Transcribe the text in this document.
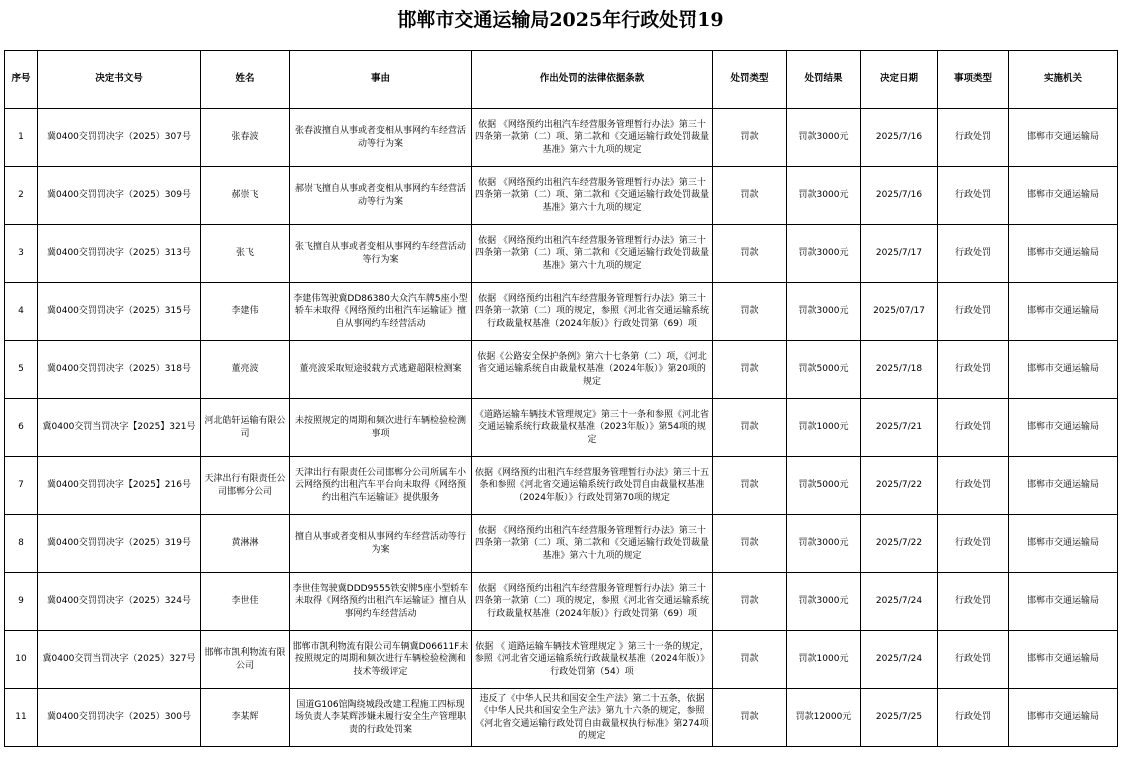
邯郸市交通运输局2025年行政处罚19
序号	决定书文号	姓名	事由	作出处罚的法律依据条款	处罚类型	处罚结果	决定日期	事项类型	实施机关
1	冀0400交罚罚决字（2025）307号	张春波	张春波擅自从事或者变相从事网约车经营活动等行为案	依据 《网络预约出租汽车经营服务管理暂行办法》第三十四条第一款第（二）项、第二款和《交通运输行政处罚裁量基准》第六十九项的规定	罚款	罚款3000元	2025/7/16	行政处罚	邯郸市交通运输局
2	冀0400交罚罚决字（2025）309号	郝崇飞	郝崇飞擅自从事或者变相从事网约车经营活动等行为案	依据 《网络预约出租汽车经营服务管理暂行办法》第三十四条第一款第（二）项、第二款和《交通运输行政处罚裁量基准》第六十九项的规定	罚款	罚款3000元	2025/7/16	行政处罚	邯郸市交通运输局
3	冀0400交罚罚决字（2025）313号	张飞	张飞擅自从事或者变相从事网约车经营活动等行为案	依据 《网络预约出租汽车经营服务管理暂行办法》第三十四条第一款第（二）项、第二款和《交通运输行政处罚裁量基准》第六十九项的规定	罚款	罚款3000元	2025/7/17	行政处罚	邯郸市交通运输局
4	冀0400交罚罚决字（2025）315号	李建伟	李建伟驾驶冀DD86380大众汽车牌5座小型轿车未取得《网络预约出租汽车运输证》擅自从事网约车经营活动	依据 《网络预约出租汽车经营服务管理暂行办法》第三十四条第一款第（二）项的规定，参照《河北省交通运输系统行政裁量权基准（2024年版）》行政处罚第（69）项	罚款	罚款3000元	2025/07/17	行政处罚	邯郸市交通运输局
5	冀0400交罚罚决字（2025）318号	董亮波	董亮波采取短途驳载方式逃避超限检测案	依据《公路安全保护条例》第六十七条第（二）项，《河北省交通运输系统自由裁量权基准（2024年版）》第20项的规定	罚款	罚款5000元	2025/7/18	行政处罚	邯郸市交通运输局
6	冀0400交罚当罚决字【2025】321号	河北皓轩运输有限公司	未按照规定的周期和频次进行车辆检验检测事项	《道路运输车辆技术管理规定》第三十一条和参照《河北省交通运输系统行政裁量权基准（2023年版）》第54项的规定	罚款	罚款1000元	2025/7/21	行政处罚	邯郸市交通运输局
7	冀0400交罚罚决字【2025】216号	天津出行有限责任公司邯郸分公司	天津出行有限责任公司邯郸分公司所属车小云网络预约出租汽车平台向未取得《网络预约出租汽车运输证》提供服务	依据《网络预约出租汽车经营服务管理暂行办法》第三十五条和参照《河北省交通运输系统行政处罚自由裁量权基准（2024年版）》行政处罚第70项的规定	罚款	罚款5000元	2025/7/22	行政处罚	邯郸市交通运输局
8	冀0400交罚罚决字（2025）319号	黄淋淋	擅自从事或者变相从事网约车经营活动等行为案	依据 《网络预约出租汽车经营服务管理暂行办法》第三十四条第一款第（二）项、第二款和《交通运输行政处罚裁量基准》第六十九项的规定	罚款	罚款3000元	2025/7/22	行政处罚	邯郸市交通运输局
9	冀0400交罚罚决字（2025）324号	李世佳	李世佳驾驶冀DDD9555铁安牌5座小型轿车未取得《网络预约出租汽车运输证》擅自从事网约车经营活动	依据 《网络预约出租汽车经营服务管理暂行办法》第三十四条第一款第（二）项的规定，参照《河北省交通运输系统行政裁量权基准（2024年版）》行政处罚第（69）项	罚款	罚款3000元	2025/7/24	行政处罚	邯郸市交通运输局
10	冀0400交罚当罚决字（2025）327号	邯郸市凯利物流有限公司	邯郸市凯利物流有限公司车辆冀D06611F未按照规定的周期和频次进行车辆检验检测和技术等级评定	依据 《 道路运输车辆技术管理规定 》第三十一条的规定，参照《河北省交通运输系统行政裁量权基准（2024年版）》行政处罚第（54）项	罚款	罚款1000元	2025/7/24	行政处罚	邯郸市交通运输局
11	冀0400交罚罚决字（2025）300号	李某辉	国道G106馆陶绕城段改建工程施工四标现场负责人李某辉涉嫌未履行安全生产管理职责的行政处罚案	违反了《中华人民共和国安全生产法》第二十五条，依据《中华人民共和国安全生产法》第九十六条的规定，参照《河北省交通运输行政处罚自由裁量权执行标准》第274项的规定	罚款	罚款12000元	2025/7/25	行政处罚	邯郸市交通运输局
